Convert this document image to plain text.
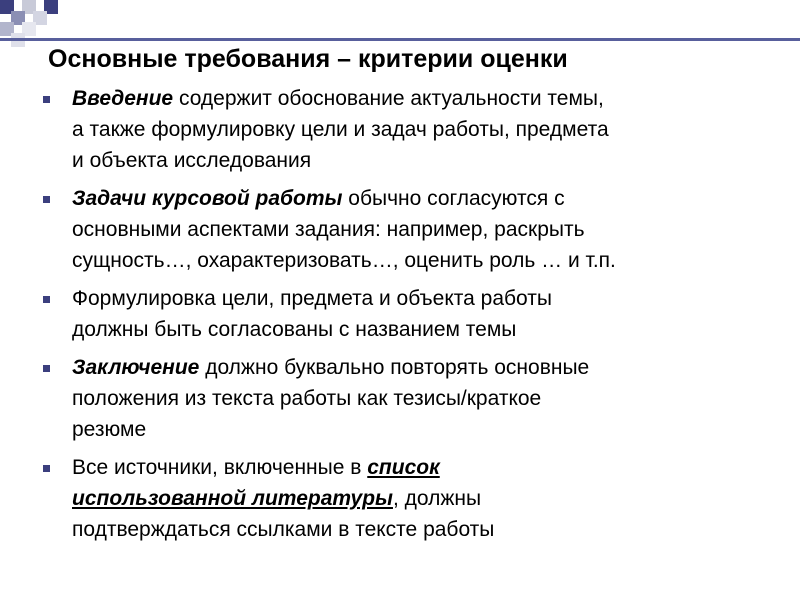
Основные требования – критерии оценки
Введение содержит обоснование актуальности темы,
а также формулировку цели и задач работы, предмета
и объекта исследования
Задачи курсовой работы обычно согласуются с
основными аспектами задания: например, раскрыть
сущность…, охарактеризовать…, оценить роль … и т.п.
Формулировка цели, предмета и объекта работы
должны быть согласованы с названием темы
Заключение должно буквально повторять основные
положения из текста работы как тезисы/краткое
резюме
Все источники, включенные в список
использованной литературы, должны
подтверждаться ссылками в тексте работы
